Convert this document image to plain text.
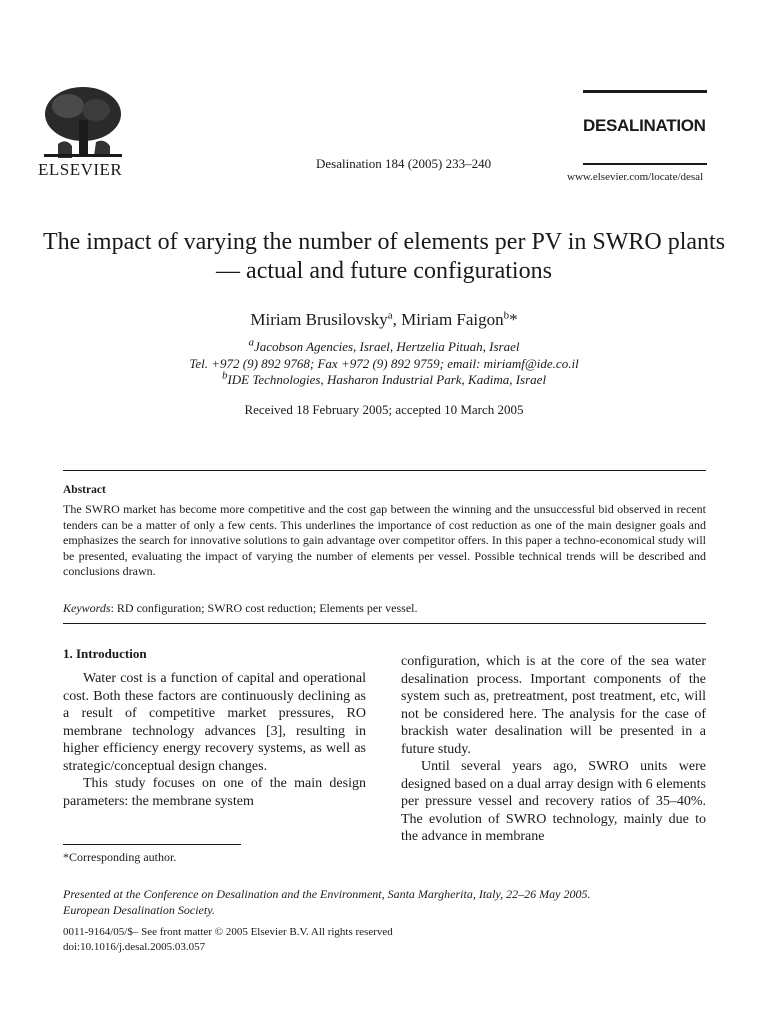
ELSEVIER	Desalination 184 (2005) 233–240
DESALINATION
www.elsevier.com/locate/desal
The impact of varying the number of elements per PV in SWRO plants — actual and future configurations
Miriam Brusilovsky$^a$, Miriam Faigon$^b$*
$^a$Jacobson Agencies, Israel, Hertzelia Pituah, Israel
Tel. +972 (9) 892 9768; Fax +972 (9) 892 9759; email: miriamf@ide.co.il
$^b$IDE Technologies, Hasharon Industrial Park, Kadima, Israel
Received 18 February 2005; accepted 10 March 2005
Abstract
The SWRO market has become more competitive and the cost gap between the winning and the unsuccessful bid observed in recent tenders can be a matter of only a few cents. This underlines the importance of cost reduction as one of the main designer goals and emphasizes the search for innovative solutions to gain advantage over competitor offers. In this paper a techno-economical study will be presented, evaluating the impact of varying the number of elements per vessel. Possible technical trends will be described and conclusions drawn.
Keywords: RD configuration; SWRO cost reduction; Elements per vessel.
1. Introduction

Water cost is a function of capital and operational cost. Both these factors are continuously declining as a result of competitive market pressures, RO membrane technology advances [3], resulting in higher efficiency energy recovery systems, as well as strategic/conceptual design changes.

This study focuses on one of the main design parameters: the membrane system

configuration, which is at the core of the sea water desalination process. Important components of the system such as, pretreatment, post treatment, etc, will not be considered here. The analysis for the case of brackish water desalination will be presented in a future study.

Until several years ago, SWRO units were designed based on a dual array design with 6 elements per pressure vessel and recovery ratios of 35–40%. The evolution of SWRO technology, mainly due to the advance in membrane

*Corresponding author.
Presented at the Conference on Desalination and the Environment, Santa Margherita, Italy, 22–26 May 2005.
European Desalination Society.
0011-9164/05/$– See front matter © 2005 Elsevier B.V. All rights reserved
doi:10.1016/j.desal.2005.03.057
